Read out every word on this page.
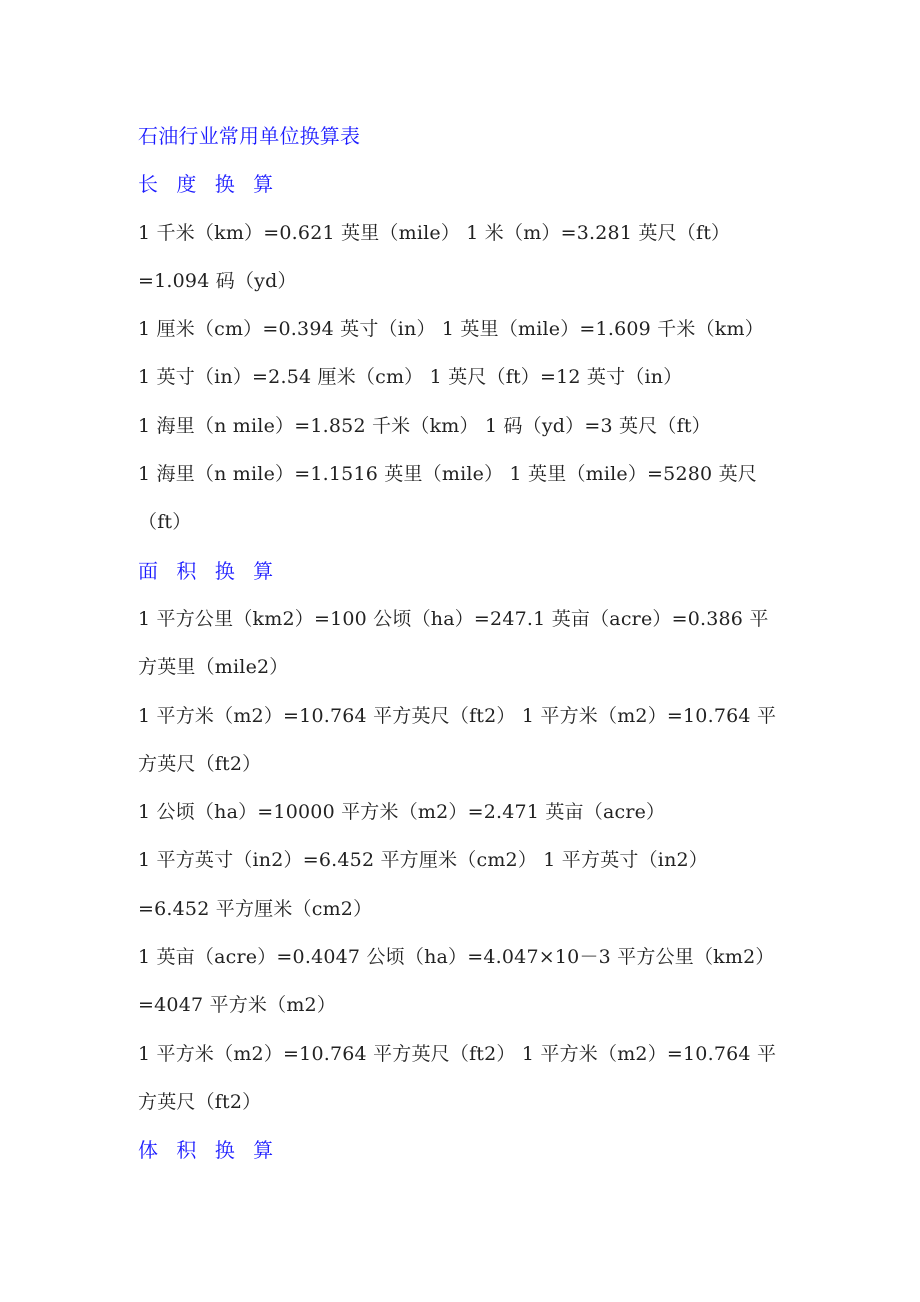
石油行业常用单位换算表
长 度 换 算
1 千米（km）=0.621 英里（mile） 1 米（m）=3.281 英尺（ft）
=1.094 码（yd）
1 厘米（cm）=0.394 英寸（in） 1 英里（mile）=1.609 千米（km）
1 英寸（in）=2.54 厘米（cm） 1 英尺（ft）=12 英寸（in）
1 海里（n mile）=1.852 千米（km） 1 码（yd）=3 英尺（ft）
1 海里（n mile）=1.1516 英里（mile） 1 英里（mile）=5280 英尺
（ft）
面 积 换 算
1 平方公里（km2）=100 公顷（ha）=247.1 英亩（acre）=0.386 平
方英里（mile2）
1 平方米（m2）=10.764 平方英尺（ft2） 1 平方米（m2）=10.764 平
方英尺（ft2）
1 公顷（ha）=10000 平方米（m2）=2.471 英亩（acre）
1 平方英寸（in2）=6.452 平方厘米（cm2） 1 平方英寸（in2）
=6.452 平方厘米（cm2）
1 英亩（acre）=0.4047 公顷（ha）=4.047×10－3 平方公里（km2）
=4047 平方米（m2）
1 平方米（m2）=10.764 平方英尺（ft2） 1 平方米（m2）=10.764 平
方英尺（ft2）
体 积 换 算
